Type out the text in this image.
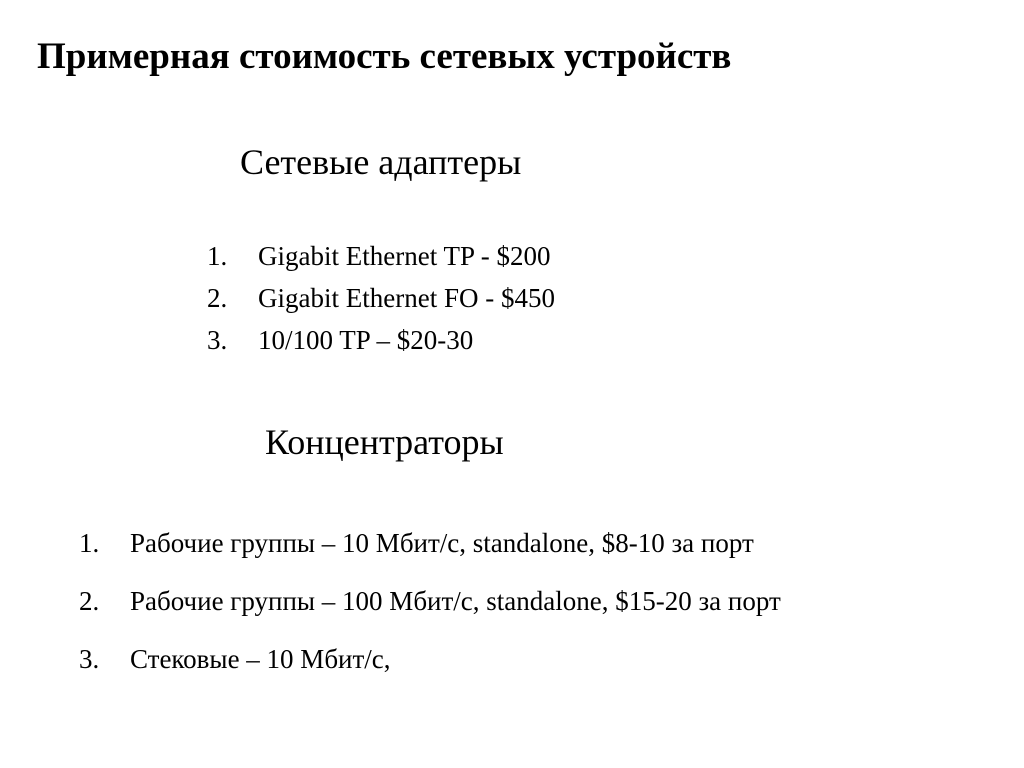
Примерная стоимость сетевых устройств
Сетевые адаптеры
1. Gigabit Ethernet TP - $200
2. Gigabit Ethernet FO - $450
3. 10/100 TP – $20-30
Концентраторы
1. Рабочие группы – 10 Мбит/с, standalone, $8-10 за порт
2. Рабочие группы – 100 Мбит/с, standalone, $15-20 за порт
3. Стековые – 10 Мбит/с,
